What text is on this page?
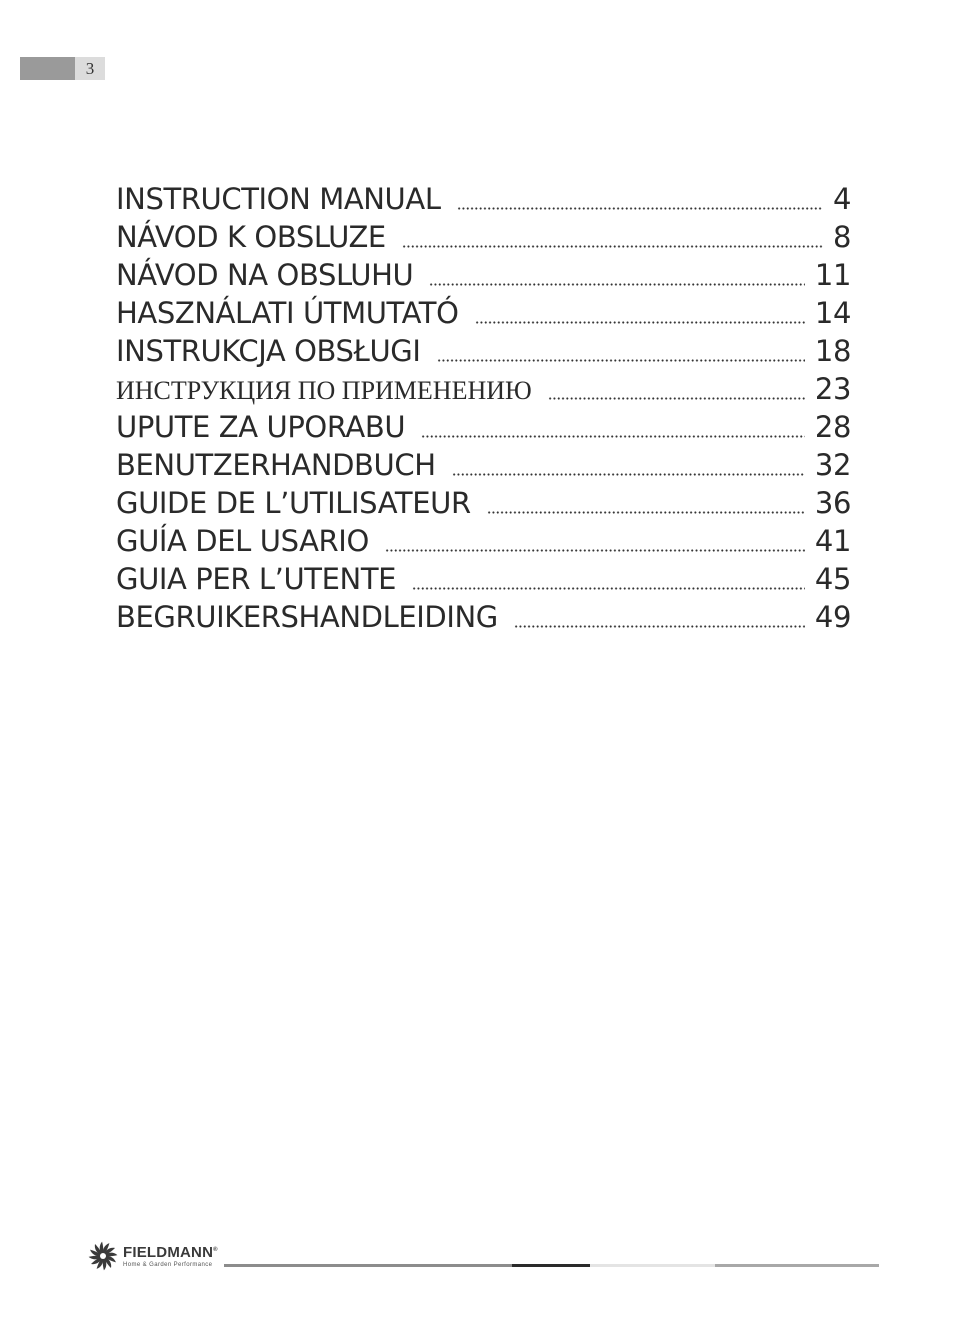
3
INSTRUCTION MANUAL	4
NÁVOD K OBSLUZE	8
NÁVOD NA OBSLUHU	11
HASZNÁLATI ÚTMUTATÓ	14
INSTRUKCJA OBSŁUGI	18
ИНСТРУКЦИЯ ПО ПРИМЕНЕНИЮ	23
UPUTE ZA UPORABU	28
BENUTZERHANDBUCH	32
GUIDE DE L’UTILISATEUR	36
GUÍA DEL USARIO	41
GUIA PER L’UTENTE	45
BEGRUIKERSHANDLEIDING	49
FIELDMANN®
Home & Garden Performance
